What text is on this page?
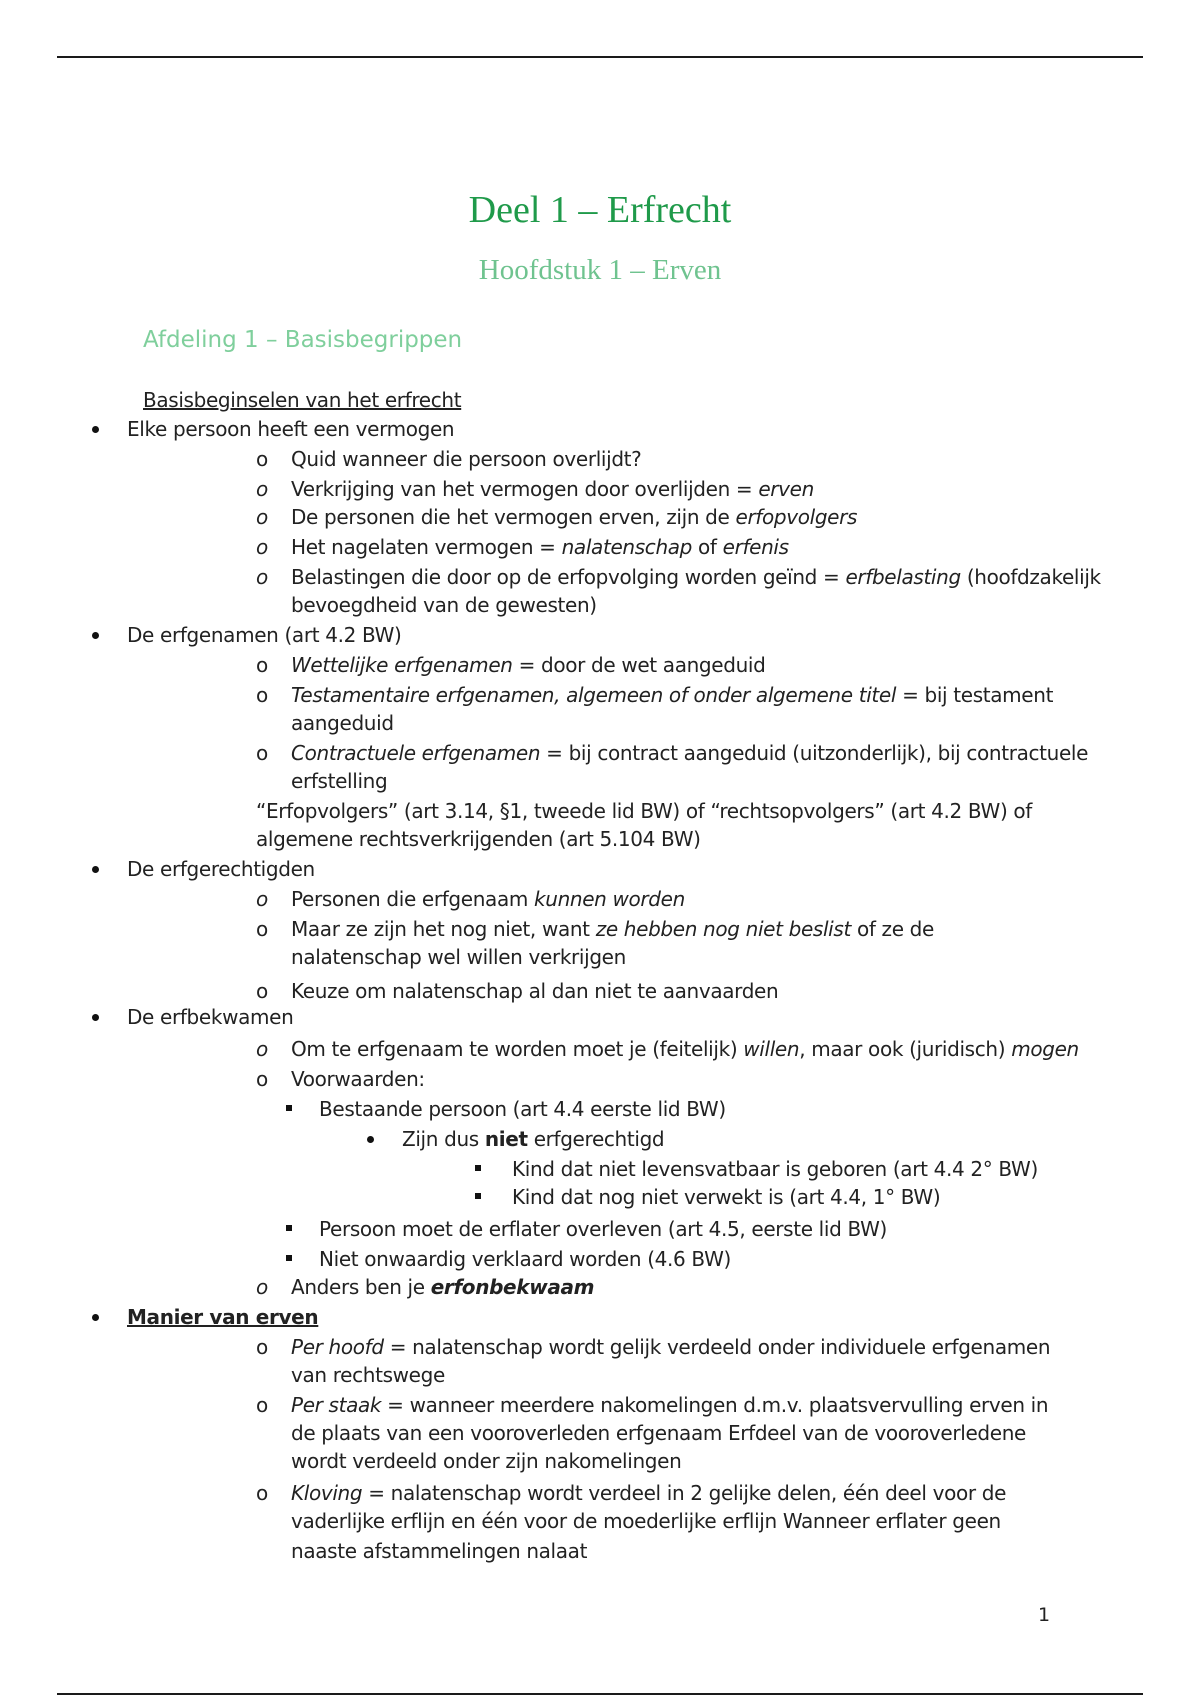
Deel 1 – Erfrecht
Hoofdstuk 1 – Erven
Afdeling 1 – Basisbegrippen
Basisbeginselen van het erfrecht
Elke persoon heeft een vermogen
o Quid wanneer die persoon overlijdt?
o Verkrijging van het vermogen door overlijden = erven
o De personen die het vermogen erven, zijn de erfopvolgers
o Het nagelaten vermogen = nalatenschap of erfenis
o Belastingen die door op de erfopvolging worden geïnd = erfbelasting (hoofdzakelijk
bevoegdheid van de gewesten)
De erfgenamen (art 4.2 BW)
o Wettelijke erfgenamen = door de wet aangeduid
o Testamentaire erfgenamen, algemeen of onder algemene titel = bij testament
aangeduid
o Contractuele erfgenamen = bij contract aangeduid (uitzonderlijk), bij contractuele
erfstelling
“Erfopvolgers” (art 3.14, §1, tweede lid BW) of “rechtsopvolgers” (art 4.2 BW) of
algemene rechtsverkrijgenden (art 5.104 BW)
De erfgerechtigden
o Personen die erfgenaam kunnen worden
o Maar ze zijn het nog niet, want ze hebben nog niet beslist of ze de
nalatenschap wel willen verkrijgen
o Keuze om nalatenschap al dan niet te aanvaarden
De erfbekwamen
o Om te erfgenaam te worden moet je (feitelijk) willen, maar ook (juridisch) mogen
o Voorwaarden:
Bestaande persoon (art 4.4 eerste lid BW)
Zijn dus niet erfgerechtigd
Kind dat niet levensvatbaar is geboren (art 4.4 2° BW)
Kind dat nog niet verwekt is (art 4.4, 1° BW)
Persoon moet de erflater overleven (art 4.5, eerste lid BW)
Niet onwaardig verklaard worden (4.6 BW)
o Anders ben je erfonbekwaam
Manier van erven
o Per hoofd = nalatenschap wordt gelijk verdeeld onder individuele erfgenamen
van rechtswege
o Per staak = wanneer meerdere nakomelingen d.m.v. plaatsvervulling erven in
de plaats van een vooroverleden erfgenaam Erfdeel van de vooroverledene
wordt verdeeld onder zijn nakomelingen
o Kloving = nalatenschap wordt verdeel in 2 gelijke delen, één deel voor de
vaderlijke erflijn en één voor de moederlijke erflijn Wanneer erflater geen
naaste afstammelingen nalaat
1
